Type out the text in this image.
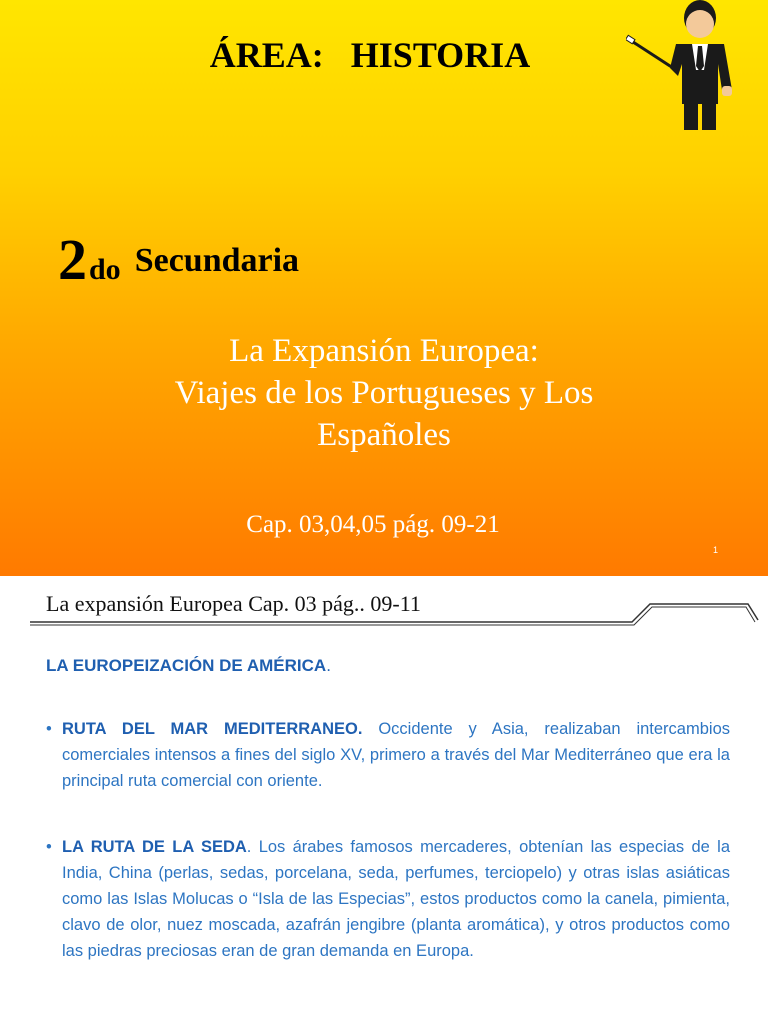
ÁREA:   HISTORIA
2do Secundaria
La Expansión Europea:
Viajes de los Portugueses y Los
Españoles
Cap. 03,04,05 pág. 09-21
1
La expansión Europea Cap. 03 pág.. 09-11
LA EUROPEIZACIÓN DE AMÉRICA.
• RUTA DEL MAR MEDITERRANEO. Occidente y Asia, realizaban intercambios comerciales intensos a fines del siglo XV, primero a través del Mar Mediterráneo que era la principal ruta comercial con oriente.
• LA RUTA DE LA SEDA. Los árabes famosos mercaderes, obtenían las especias de la India, China (perlas, sedas, porcelana, seda, perfumes, terciopelo) y otras islas asiáticas como las Islas Molucas o “Isla de las Especias”, estos productos como la canela, pimienta, clavo de olor, nuez moscada, azafrán jengibre (planta aromática), y otros productos como las piedras preciosas eran de gran demanda en Europa.
